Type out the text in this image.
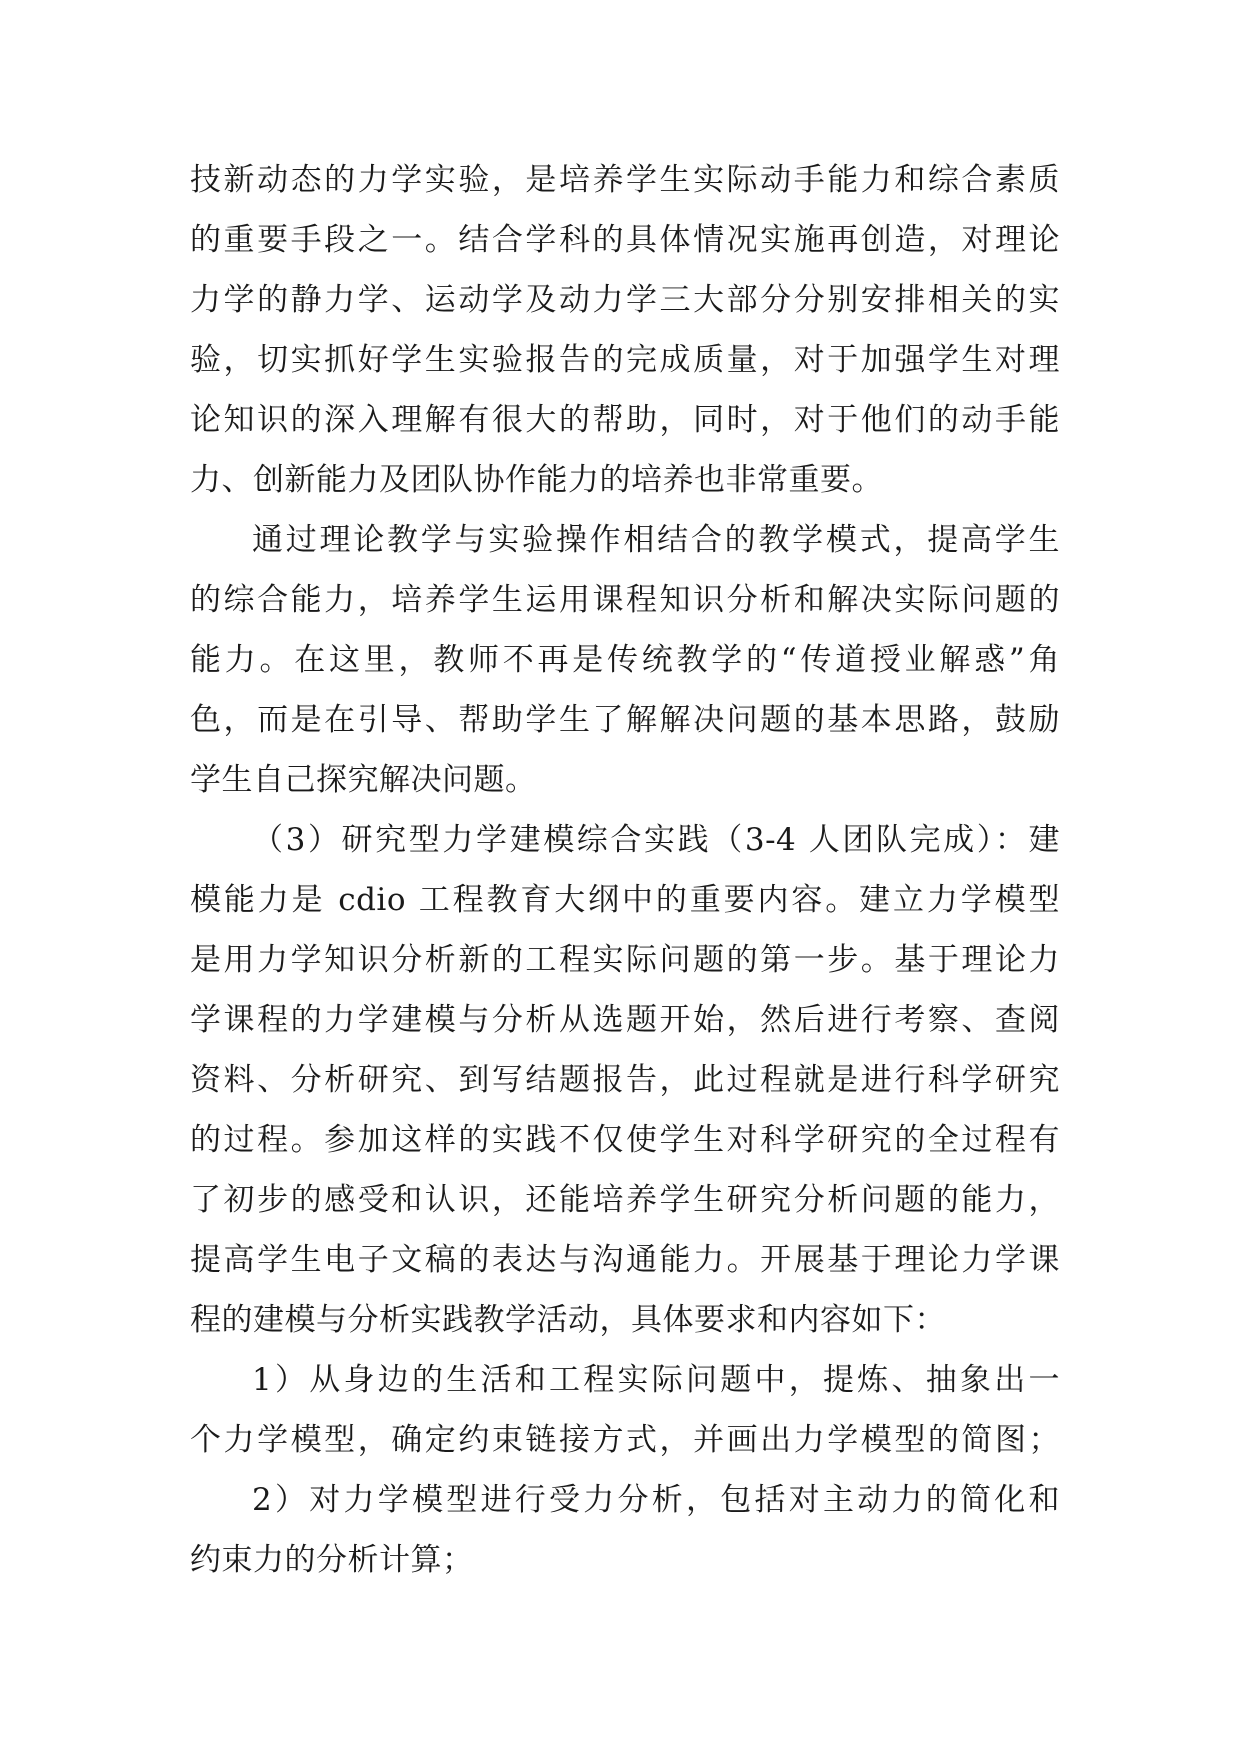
技新动态的力学实验，是培养学生实际动手能力和综合素质
的重要手段之一。结合学科的具体情况实施再创造，对理论
力学的静力学、运动学及动力学三大部分分别安排相关的实
验，切实抓好学生实验报告的完成质量，对于加强学生对理
论知识的深入理解有很大的帮助，同时，对于他们的动手能
力、创新能力及团队协作能力的培养也非常重要。
通过理论教学与实验操作相结合的教学模式，提高学生
的综合能力，培养学生运用课程知识分析和解决实际问题的
能力。在这里，教师不再是传统教学的“传道授业解惑”角
色，而是在引导、帮助学生了解解决问题的基本思路，鼓励
学生自己探究解决问题。
（3）研究型力学建模综合实践（3-4 人团队完成）：建
模能力是 cdio 工程教育大纲中的重要内容。建立力学模型
是用力学知识分析新的工程实际问题的第一步。基于理论力
学课程的力学建模与分析从选题开始，然后进行考察、查阅
资料、分析研究、到写结题报告，此过程就是进行科学研究
的过程。参加这样的实践不仅使学生对科学研究的全过程有
了初步的感受和认识，还能培养学生研究分析问题的能力，
提高学生电子文稿的表达与沟通能力。开展基于理论力学课
程的建模与分析实践教学活动，具体要求和内容如下：
1）从身边的生活和工程实际问题中，提炼、抽象出一
个力学模型，确定约束链接方式，并画出力学模型的简图；
2）对力学模型进行受力分析，包括对主动力的简化和
约束力的分析计算；
